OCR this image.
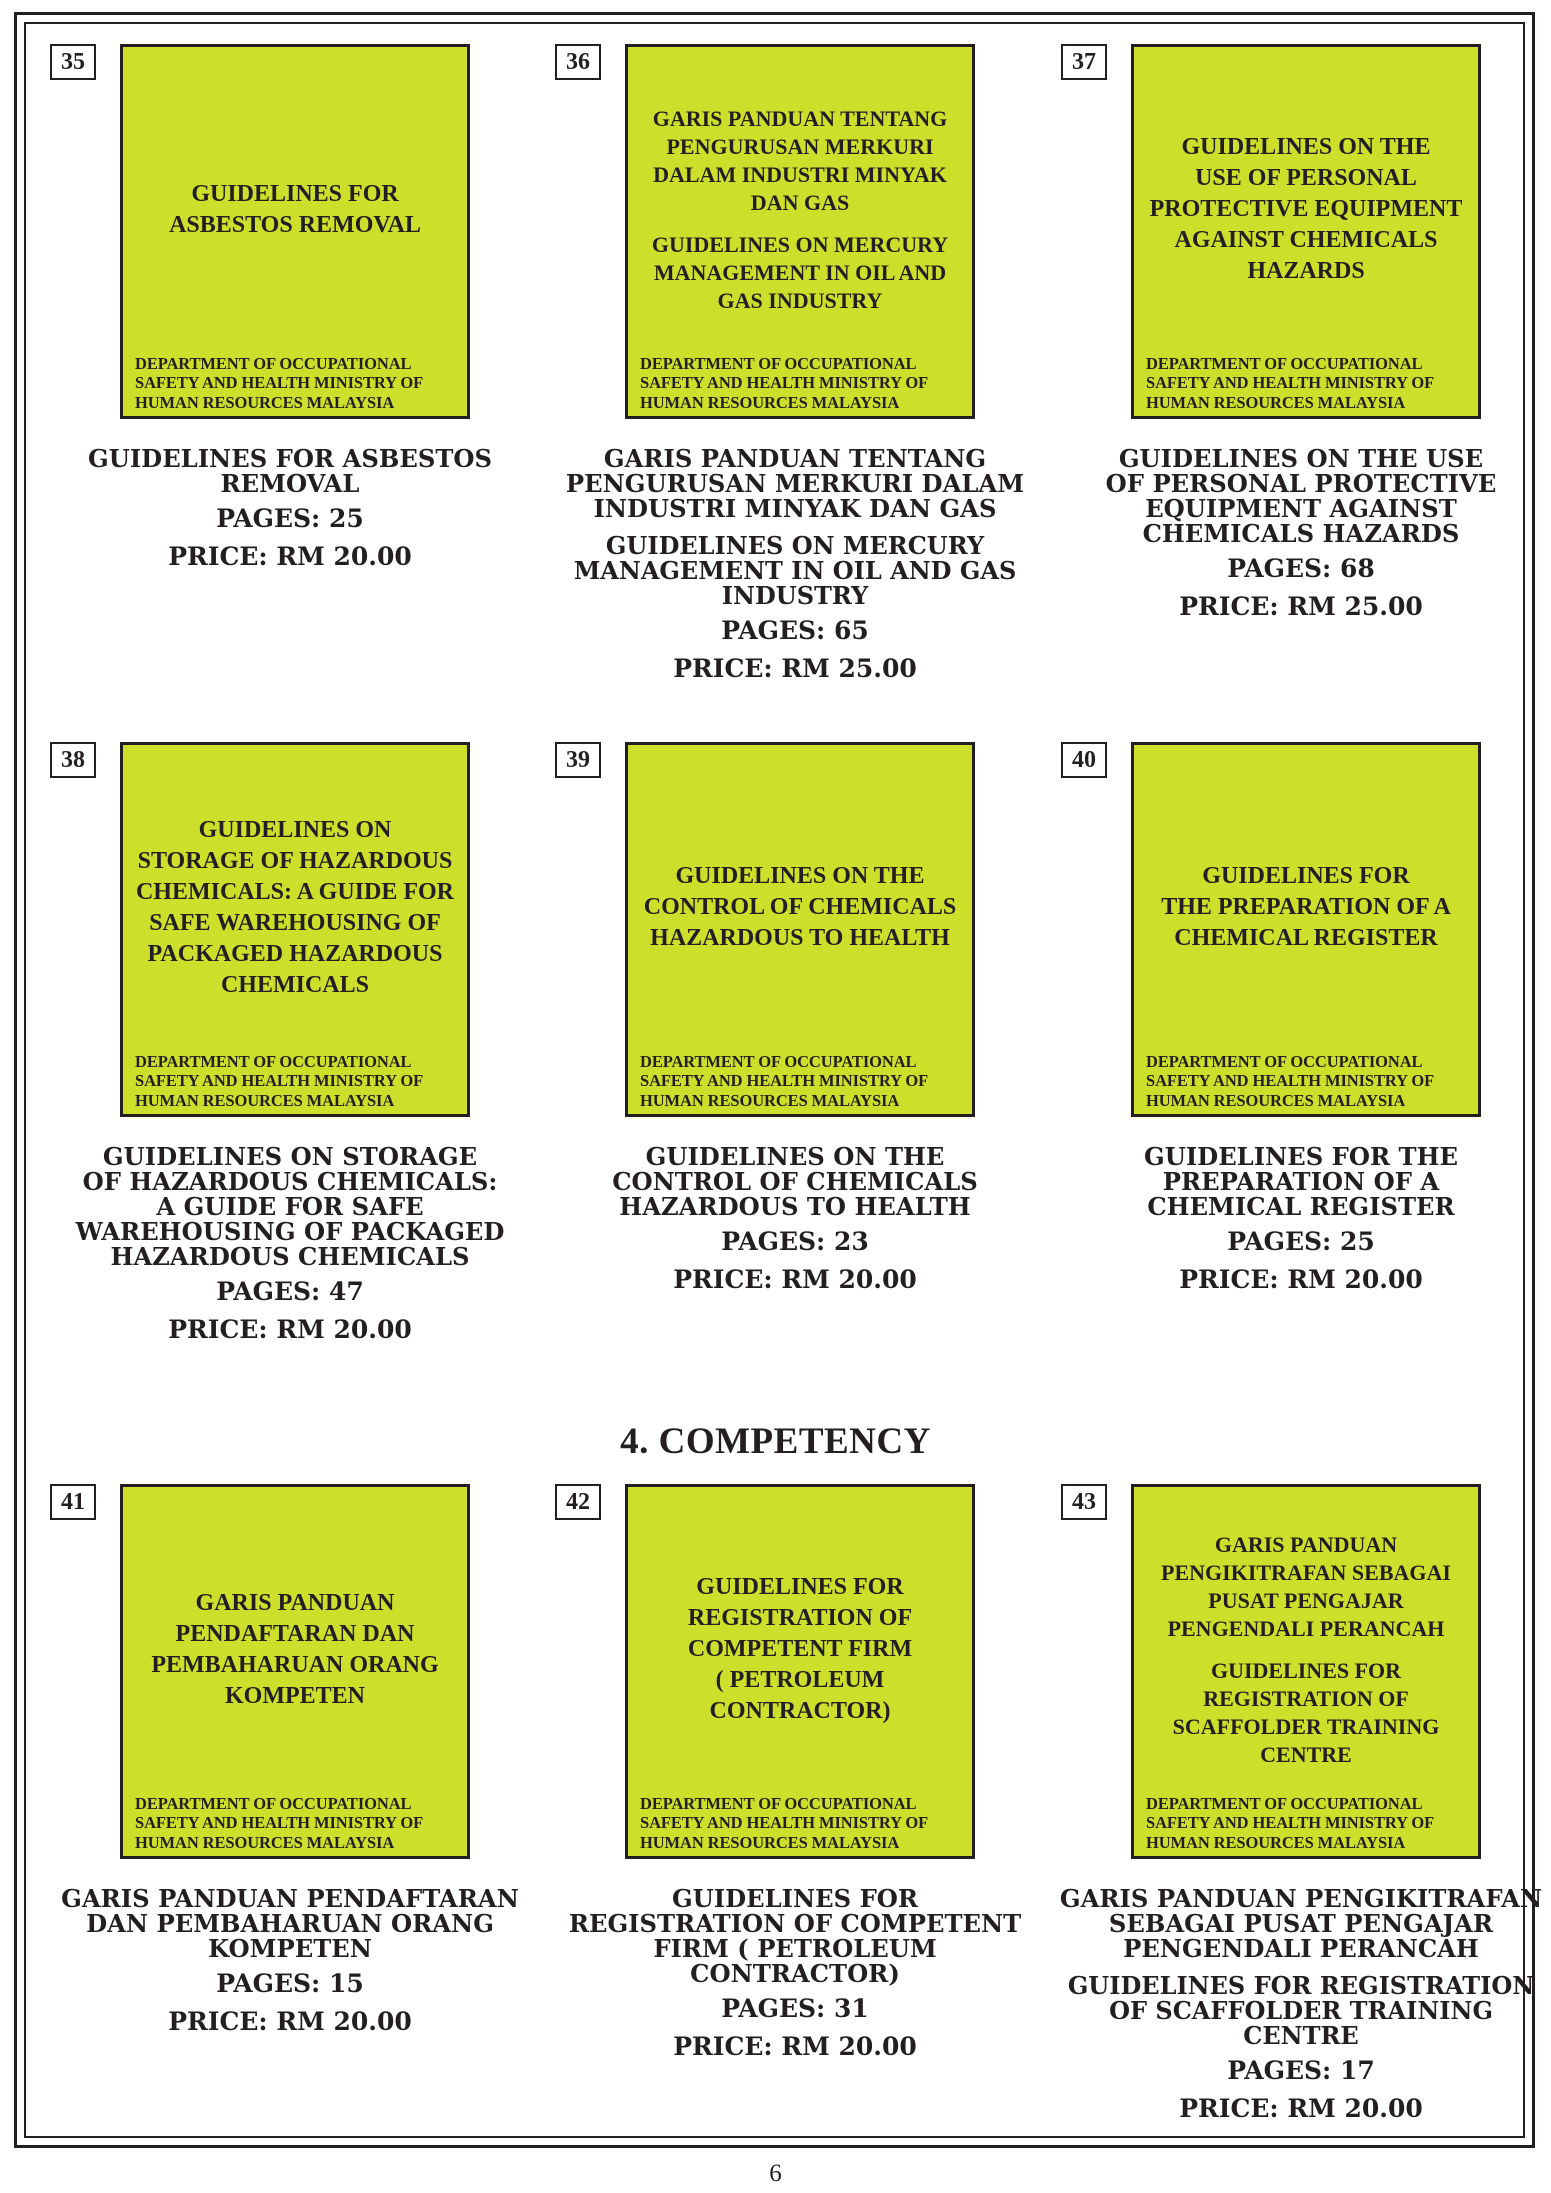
35
GUIDELINES FOR
ASBESTOS REMOVAL
DEPARTMENT OF OCCUPATIONAL
SAFETY AND HEALTH MINISTRY OF
HUMAN RESOURCES MALAYSIA
GUIDELINES FOR ASBESTOS
REMOVAL
PAGES: 25
PRICE: RM 20.00
36
GARIS PANDUAN TENTANG
PENGURUSAN MERKURI
DALAM INDUSTRI MINYAK
DAN GAS
GUIDELINES ON MERCURY
MANAGEMENT IN OIL AND
GAS INDUSTRY
DEPARTMENT OF OCCUPATIONAL
SAFETY AND HEALTH MINISTRY OF
HUMAN RESOURCES MALAYSIA
GARIS PANDUAN TENTANG
PENGURUSAN MERKURI DALAM
INDUSTRI MINYAK DAN GAS
GUIDELINES ON MERCURY
MANAGEMENT IN OIL AND GAS
INDUSTRY
PAGES: 65
PRICE: RM 25.00
37
GUIDELINES ON THE
USE OF PERSONAL
PROTECTIVE EQUIPMENT
AGAINST CHEMICALS
HAZARDS
DEPARTMENT OF OCCUPATIONAL
SAFETY AND HEALTH MINISTRY OF
HUMAN RESOURCES MALAYSIA
GUIDELINES ON THE USE
OF PERSONAL PROTECTIVE
EQUIPMENT AGAINST
CHEMICALS HAZARDS
PAGES: 68
PRICE: RM 25.00
38
GUIDELINES ON
STORAGE OF HAZARDOUS
CHEMICALS: A GUIDE FOR
SAFE WAREHOUSING OF
PACKAGED HAZARDOUS
CHEMICALS
DEPARTMENT OF OCCUPATIONAL
SAFETY AND HEALTH MINISTRY OF
HUMAN RESOURCES MALAYSIA
GUIDELINES ON STORAGE
OF HAZARDOUS CHEMICALS:
A GUIDE FOR SAFE
WAREHOUSING OF PACKAGED
HAZARDOUS CHEMICALS
PAGES: 47
PRICE: RM 20.00
39
GUIDELINES ON THE
CONTROL OF CHEMICALS
HAZARDOUS TO HEALTH
DEPARTMENT OF OCCUPATIONAL
SAFETY AND HEALTH MINISTRY OF
HUMAN RESOURCES MALAYSIA
GUIDELINES ON THE
CONTROL OF CHEMICALS
HAZARDOUS TO HEALTH
PAGES: 23
PRICE: RM 20.00
40
GUIDELINES FOR
THE PREPARATION OF A
CHEMICAL REGISTER
DEPARTMENT OF OCCUPATIONAL
SAFETY AND HEALTH MINISTRY OF
HUMAN RESOURCES MALAYSIA
GUIDELINES FOR THE
PREPARATION OF A
CHEMICAL REGISTER
PAGES: 25
PRICE: RM 20.00
4. COMPETENCY
41
GARIS PANDUAN
PENDAFTARAN DAN
PEMBAHARUAN ORANG
KOMPETEN
DEPARTMENT OF OCCUPATIONAL
SAFETY AND HEALTH MINISTRY OF
HUMAN RESOURCES MALAYSIA
GARIS PANDUAN PENDAFTARAN
DAN PEMBAHARUAN ORANG
KOMPETEN
PAGES: 15
PRICE: RM 20.00
42
GUIDELINES FOR
REGISTRATION OF
COMPETENT FIRM
( PETROLEUM
CONTRACTOR)
DEPARTMENT OF OCCUPATIONAL
SAFETY AND HEALTH MINISTRY OF
HUMAN RESOURCES MALAYSIA
GUIDELINES FOR
REGISTRATION OF COMPETENT
FIRM ( PETROLEUM
CONTRACTOR)
PAGES: 31
PRICE: RM 20.00
43
GARIS PANDUAN
PENGIKITRAFAN SEBAGAI
PUSAT PENGAJAR
PENGENDALI PERANCAH
GUIDELINES FOR
REGISTRATION OF
SCAFFOLDER TRAINING
CENTRE
DEPARTMENT OF OCCUPATIONAL
SAFETY AND HEALTH MINISTRY OF
HUMAN RESOURCES MALAYSIA
GARIS PANDUAN PENGIKITRAFAN
SEBAGAI PUSAT PENGAJAR
PENGENDALI PERANCAH
GUIDELINES FOR REGISTRATION
OF SCAFFOLDER TRAINING
CENTRE
PAGES: 17
PRICE: RM 20.00
6
